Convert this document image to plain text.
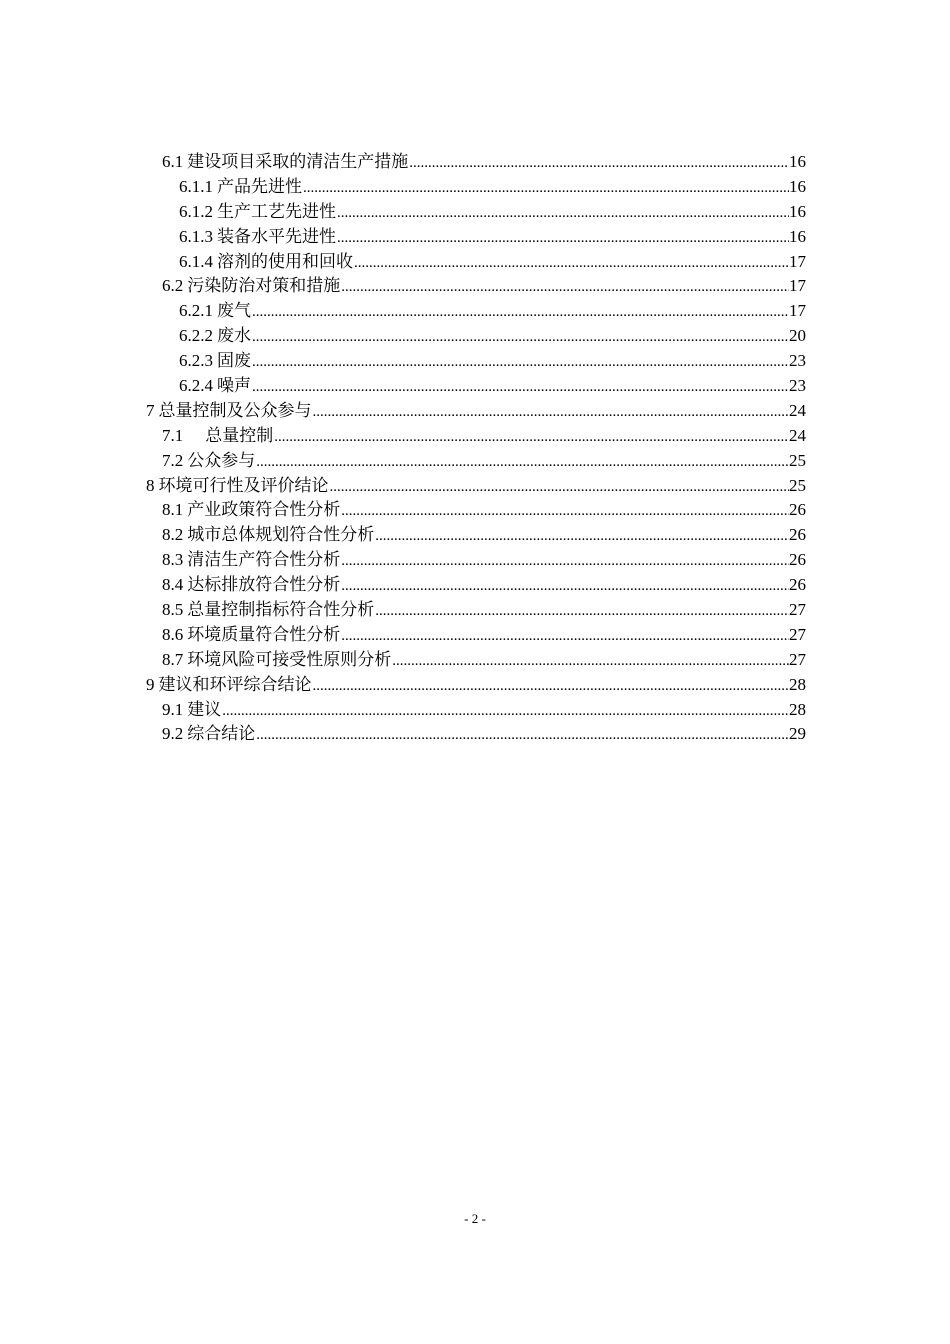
6.1 建设项目采取的清洁生产措施 .....	16
6.1.1 产品先进性 .....	16
6.1.2 生产工艺先进性 .....	16
6.1.3 装备水平先进性 .....	16
6.1.4 溶剂的使用和回收 .....	17
6.2 污染防治对策和措施 .....	17
6.2.1 废气 .....	17
6.2.2 废水 .....	20
6.2.3 固废 .....	23
6.2.4 噪声 .....	23
7 总量控制及公众参与 .....	24
7.1 总量控制 .....	24
7.2 公众参与 .....	25
8 环境可行性及评价结论 .....	25
8.1 产业政策符合性分析 .....	26
8.2 城市总体规划符合性分析 .....	26
8.3 清洁生产符合性分析 .....	26
8.4 达标排放符合性分析 .....	26
8.5 总量控制指标符合性分析 .....	27
8.6 环境质量符合性分析 .....	27
8.7 环境风险可接受性原则分析 .....	27
9 建议和环评综合结论 .....	28
9.1 建议 .....	28
9.2 综合结论 .....	29
- 2 -
